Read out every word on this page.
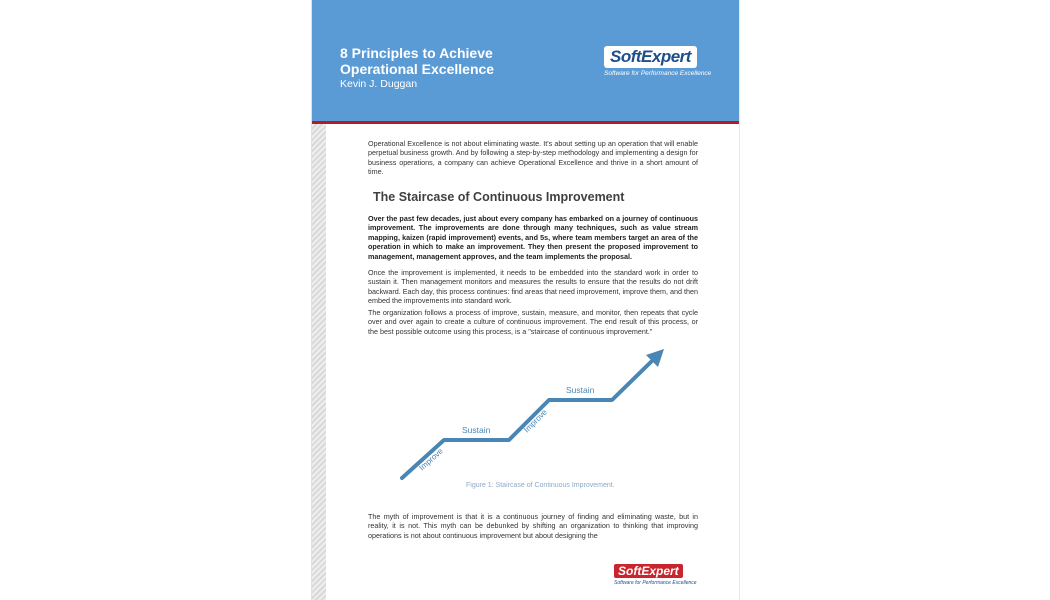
8 Principles to Achieve
Operational Excellence
Kevin J. Duggan
SoftExpert
Software for Performance Excellence
Operational Excellence is not about eliminating waste. It's about setting up an operation that will enable perpetual business growth. And by following a step-by-step methodology and implementing a design for business operations, a company can achieve Operational Excellence and thrive in a short amount of time.
The Staircase of Continuous Improvement
Over the past few decades, just about every company has embarked on a journey of continuous improvement. The improvements are done through many techniques, such as value stream mapping, kaizen (rapid improvement) events, and 5s, where team members target an area of the operation in which to make an improvement. They then present the proposed improvement to management, management approves, and the team implements the proposal.
Once the improvement is implemented, it needs to be embedded into the standard work in order to sustain it. Then management monitors and measures the results to ensure that the results do not drift backward. Each day, this process continues: find areas that need improvement, improve them, and then embed the improvements into standard work.
The organization follows a process of improve, sustain, measure, and monitor, then repeats that cycle over and over again to create a culture of continuous improvement. The end result of this process, or the best possible outcome using this process, is a "staircase of continuous improvement."
Improve
Sustain	Improve
Sustain
Figure 1: Staircase of Continuous Improvement.
The myth of improvement is that it is a continuous journey of finding and eliminating waste, but in reality, it is not. This myth can be debunked by shifting an organization to thinking that improving operations is not about continuous improvement but about designing the
SoftExpert
Software for Performance Excellence
